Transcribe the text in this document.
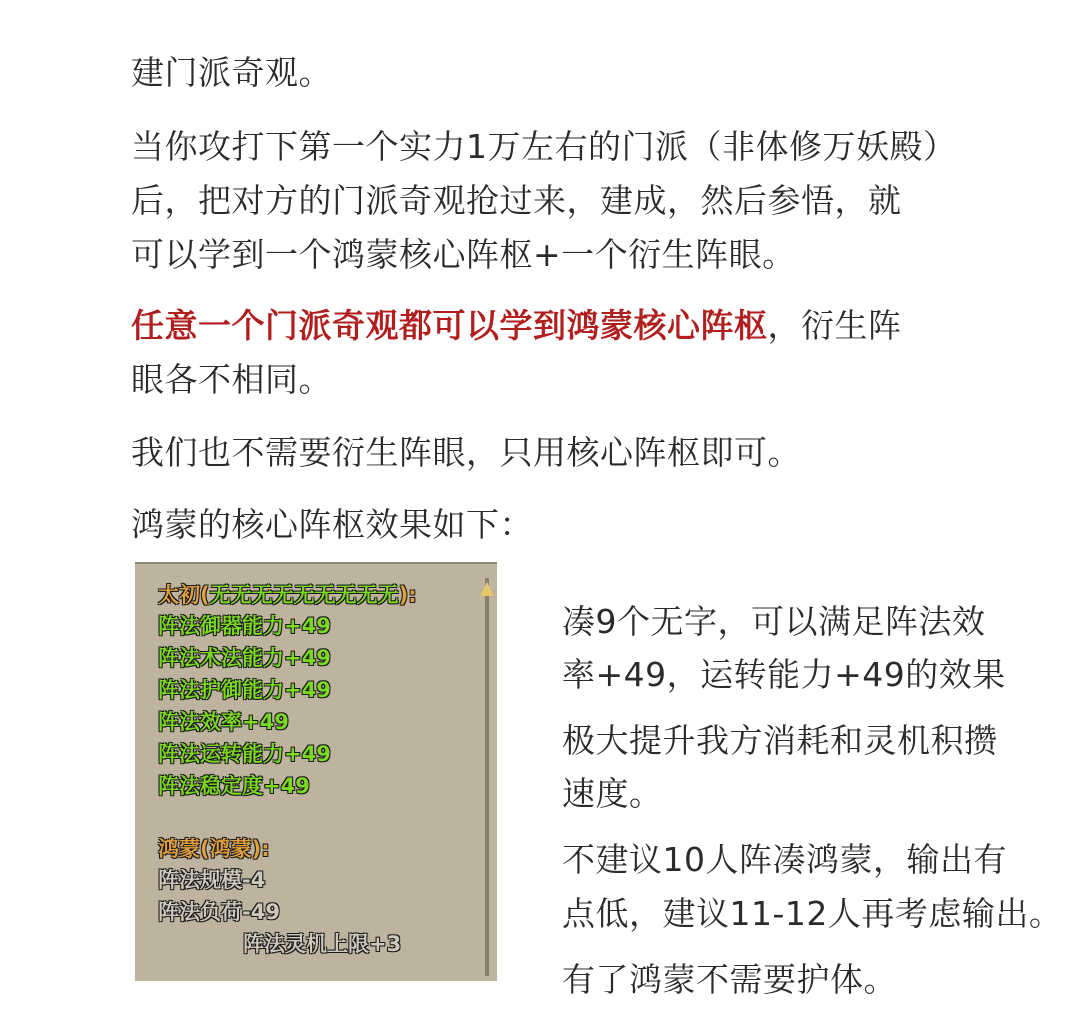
建门派奇观。

当你攻打下第一个实力1万左右的门派（非体修万妖殿）

后，把对方的门派奇观抢过来，建成，然后参悟，就

可以学到一个鸿蒙核心阵枢+一个衍生阵眼。

任意一个门派奇观都可以学到鸿蒙核心阵枢，衍生阵

眼各不相同。

我们也不需要衍生阵眼，只用核心阵枢即可。

鸿蒙的核心阵枢效果如下：

太初(无无无无无无无无无):
阵法御器能力+49
阵法术法能力+49
阵法护御能力+49
阵法效率+49
阵法运转能力+49
阵法稳定度+49
鸿蒙(鸿蒙):
阵法规模-4
阵法负荷-49
阵法灵机上限+3

凑9个无字，可以满足阵法效

率+49，运转能力+49的效果

极大提升我方消耗和灵机积攒

速度。

不建议10人阵凑鸿蒙，输出有

点低，建议11-12人再考虑输出。

有了鸿蒙不需要护体。
